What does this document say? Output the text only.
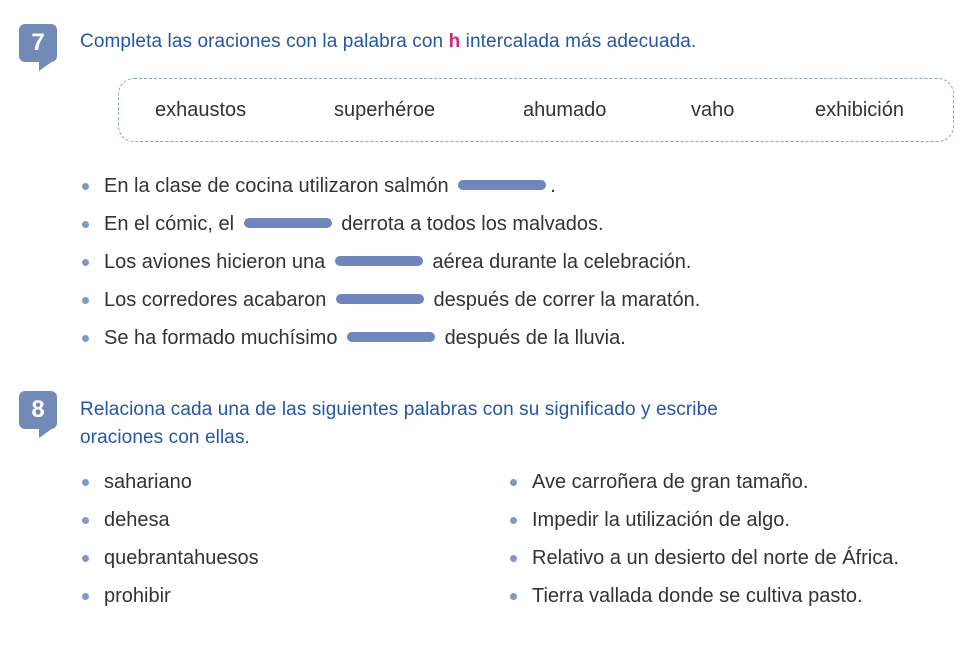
7	Completa las oraciones con la palabra con h intercalada más adecuada.
exhaustos	superhéroe	ahumado	vaho	exhibición
En la clase de cocina utilizaron salmón	.
En el cómic, el	derrota a todos los malvados.
Los aviones hicieron una	aérea durante la celebración.
Los corredores acabaron	después de correr la maratón.
Se ha formado muchísimo	después de la lluvia.
8	Relaciona cada una de las siguientes palabras con su significado y escribe
oraciones con ellas.
sahariano
dehesa
quebrantahuesos
prohibir
Ave carroñera de gran tamaño.
Impedir la utilización de algo.
Relativo a un desierto del norte de África.
Tierra vallada donde se cultiva pasto.
